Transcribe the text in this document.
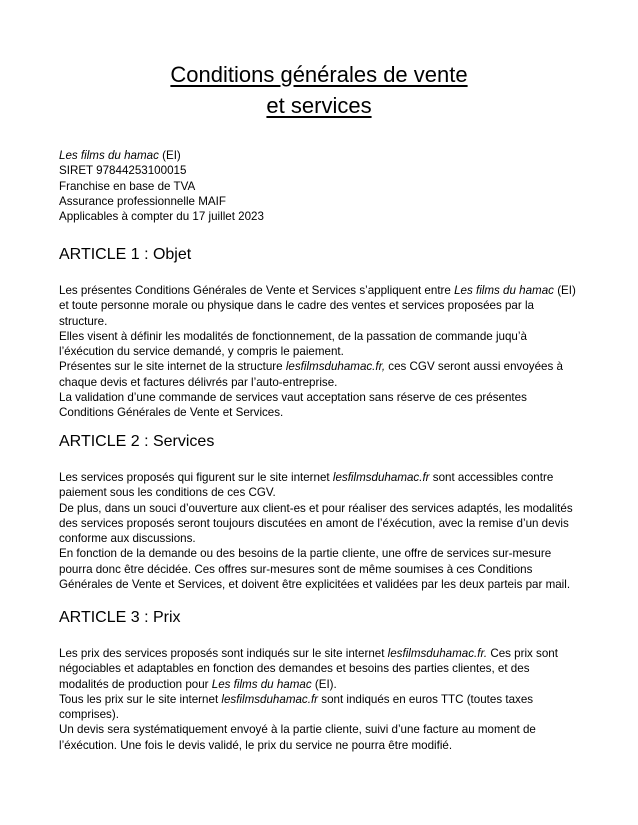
Conditions générales de vente
et services
Les films du hamac (EI)
SIRET 97844253100015
Franchise en base de TVA
Assurance professionnelle MAIF
Applicables à compter du 17 juillet 2023
ARTICLE 1 : Objet
Les présentes Conditions Générales de Vente et Services s’appliquent entre Les films du hamac (EI)
et toute personne morale ou physique dans le cadre des ventes et services proposées par la
structure.
Elles visent à définir les modalités de fonctionnement, de la passation de commande juqu’à
l’éxécution du service demandé, y compris le paiement.
Présentes sur le site internet de la structure lesfilmsduhamac.fr, ces CGV seront aussi envoyées à
chaque devis et factures délivrés par l’auto-entreprise.
La validation d’une commande de services vaut acceptation sans réserve de ces présentes
Conditions Générales de Vente et Services.
ARTICLE 2 : Services
Les services proposés qui figurent sur le site internet lesfilmsduhamac.fr sont accessibles contre
paiement sous les conditions de ces CGV.
De plus, dans un souci d’ouverture aux client-es et pour réaliser des services adaptés, les modalités
des services proposés seront toujours discutées en amont de l’éxécution, avec la remise d’un devis
conforme aux discussions.
En fonction de la demande ou des besoins de la partie cliente, une offre de services sur-mesure
pourra donc être décidée. Ces offres sur-mesures sont de même soumises à ces Conditions
Générales de Vente et Services, et doivent être explicitées et validées par les deux parteis par mail.
ARTICLE 3 : Prix
Les prix des services proposés sont indiqués sur le site internet lesfilmsduhamac.fr. Ces prix sont
négociables et adaptables en fonction des demandes et besoins des parties clientes, et des
modalités de production pour Les films du hamac (EI).
Tous les prix sur le site internet lesfilmsduhamac.fr sont indiqués en euros TTC (toutes taxes
comprises).
Un devis sera systématiquement envoyé à la partie cliente, suivi d’une facture au moment de
l’éxécution. Une fois le devis validé, le prix du service ne pourra être modifié.
